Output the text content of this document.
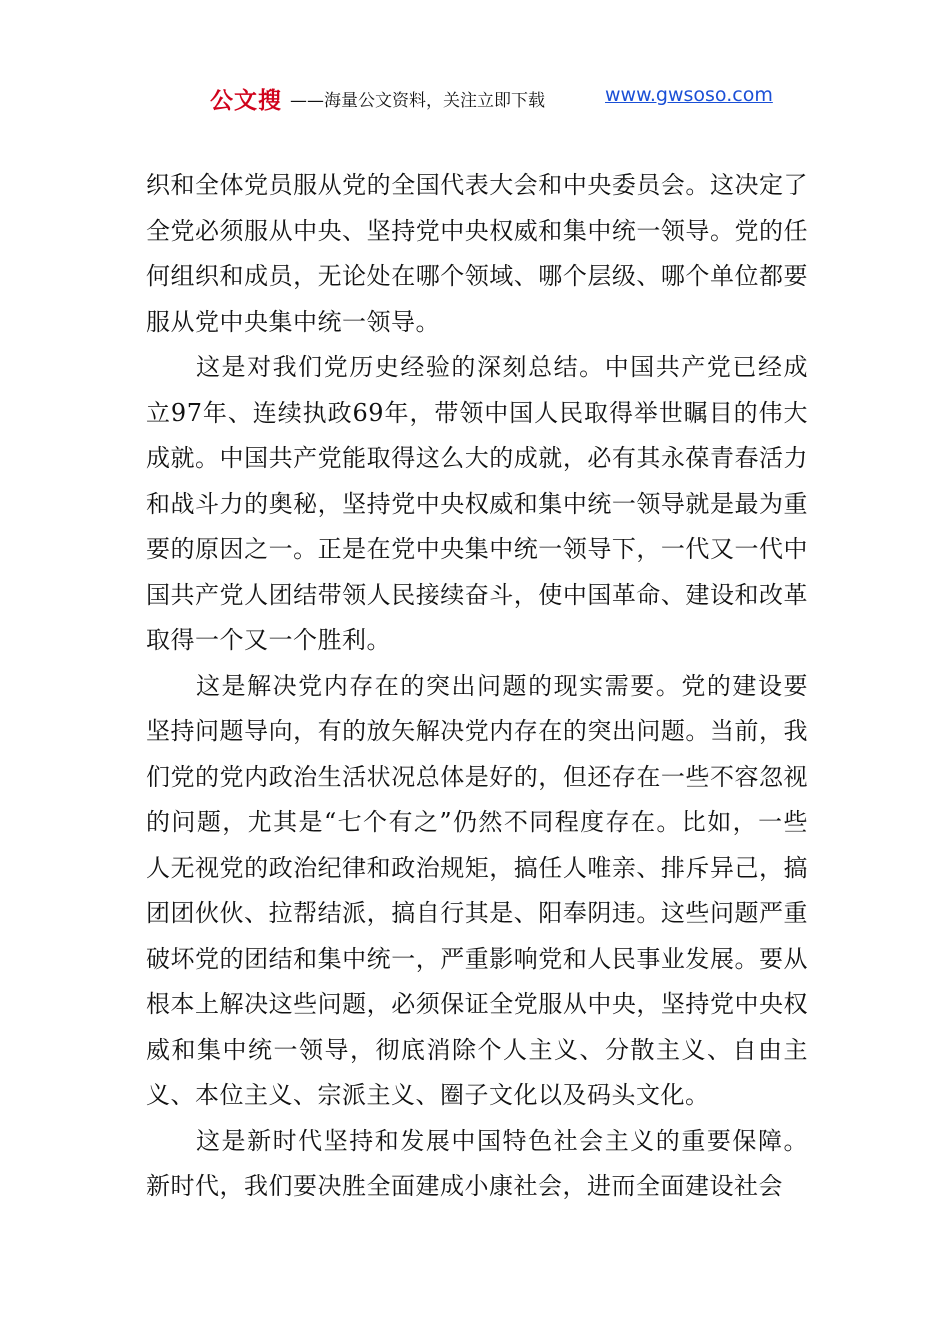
公文搜 ——海量公文资料，关注立即下载	www.gwsoso.com

织和全体党员服从党的全国代表大会和中央委员会。这决定了全党必须服从中央、坚持党中央权威和集中统一领导。党的任何组织和成员，无论处在哪个领域、哪个层级、哪个单位都要服从党中央集中统一领导。

这是对我们党历史经验的深刻总结。中国共产党已经成立97年、连续执政69年，带领中国人民取得举世瞩目的伟大成就。中国共产党能取得这么大的成就，必有其永葆青春活力和战斗力的奥秘，坚持党中央权威和集中统一领导就是最为重要的原因之一。正是在党中央集中统一领导下，一代又一代中国共产党人团结带领人民接续奋斗，使中国革命、建设和改革取得一个又一个胜利。

这是解决党内存在的突出问题的现实需要。党的建设要坚持问题导向，有的放矢解决党内存在的突出问题。当前，我们党的党内政治生活状况总体是好的，但还存在一些不容忽视的问题，尤其是“七个有之”仍然不同程度存在。比如，一些人无视党的政治纪律和政治规矩，搞任人唯亲、排斥异己，搞团团伙伙、拉帮结派，搞自行其是、阳奉阴违。这些问题严重破坏党的团结和集中统一，严重影响党和人民事业发展。要从根本上解决这些问题，必须保证全党服从中央，坚持党中央权威和集中统一领导，彻底消除个人主义、分散主义、自由主义、本位主义、宗派主义、圈子文化以及码头文化。

这是新时代坚持和发展中国特色社会主义的重要保障。新时代，我们要决胜全面建成小康社会，进而全面建设社会
